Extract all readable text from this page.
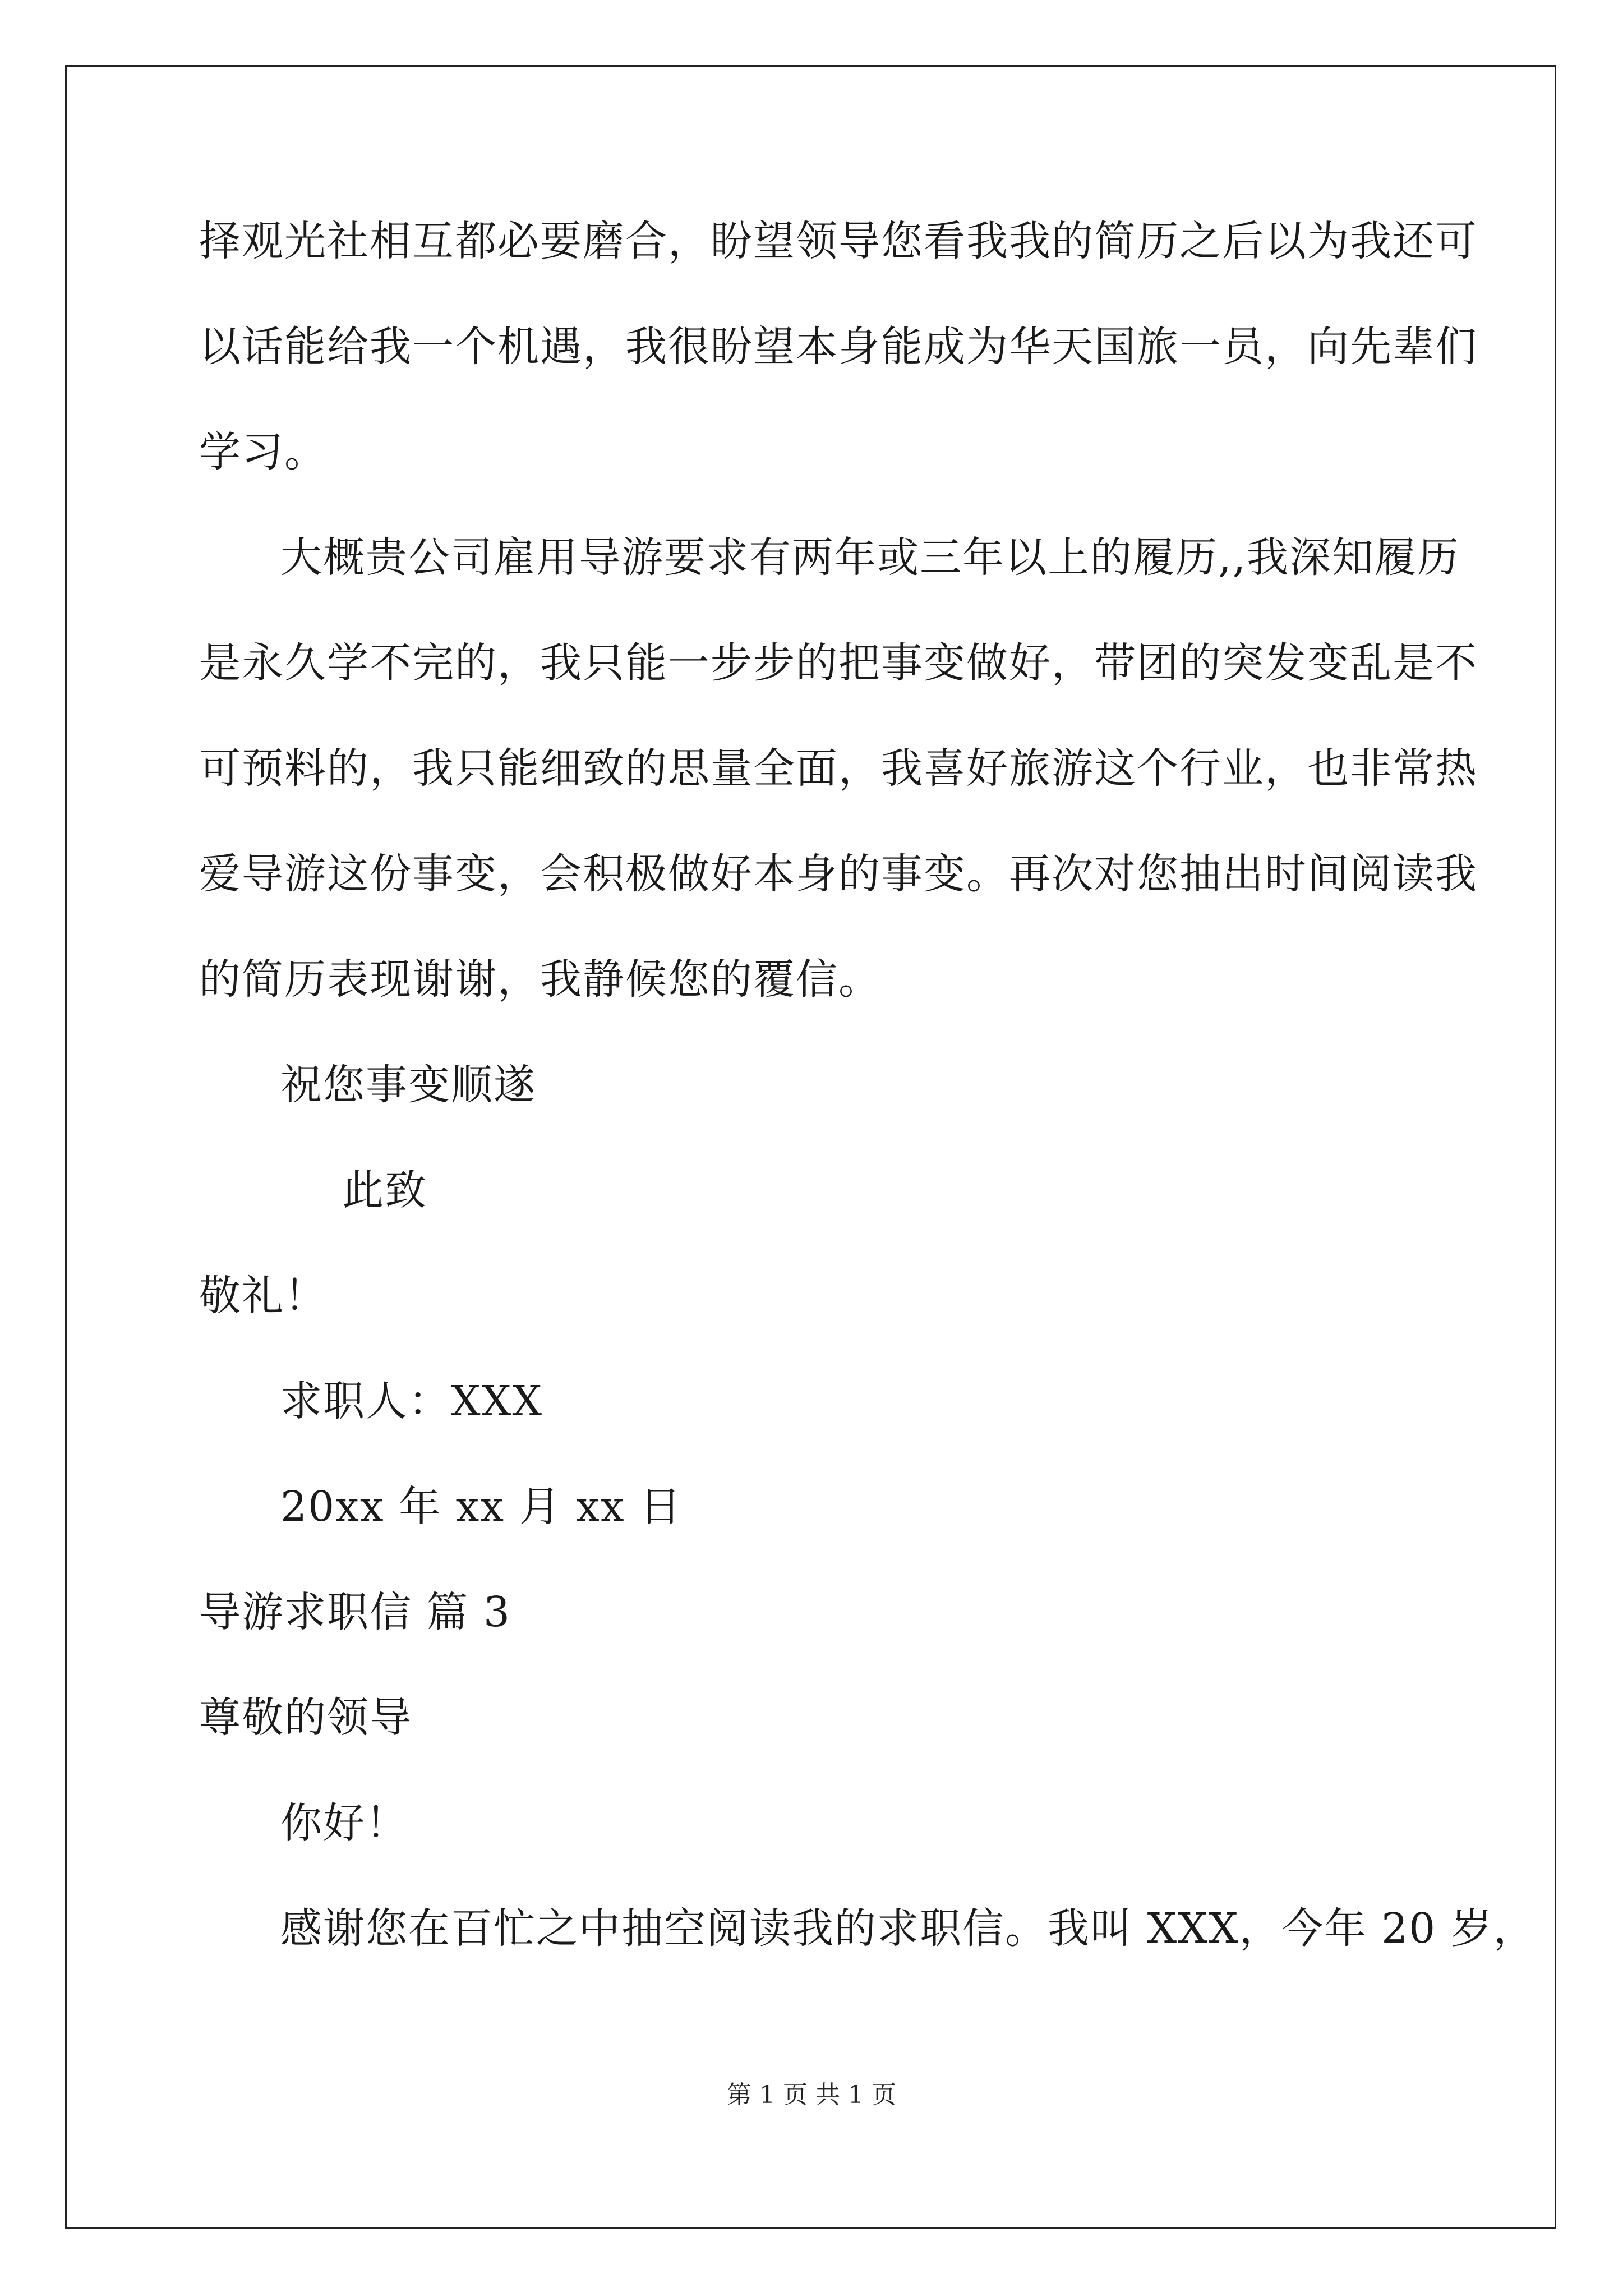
择观光社相互都必要磨合，盼望领导您看我我的简历之后以为我还可
以话能给我一个机遇，我很盼望本身能成为华天国旅一员，向先辈们
学习。
大概贵公司雇用导游要求有两年或三年以上的履历,,我深知履历
是永久学不完的，我只能一步步的把事变做好，带团的突发变乱是不
可预料的，我只能细致的思量全面，我喜好旅游这个行业，也非常热
爱导游这份事变，会积极做好本身的事变。再次对您抽出时间阅读我
的简历表现谢谢，我静候您的覆信。
祝您事变顺遂
此致
敬礼！
求职人：XXX
20xx 年 xx 月 xx 日
导游求职信 篇 3
尊敬的领导
你好！
感谢您在百忙之中抽空阅读我的求职信。我叫 XXX，今年 20 岁，
第 1 页 共 1 页
